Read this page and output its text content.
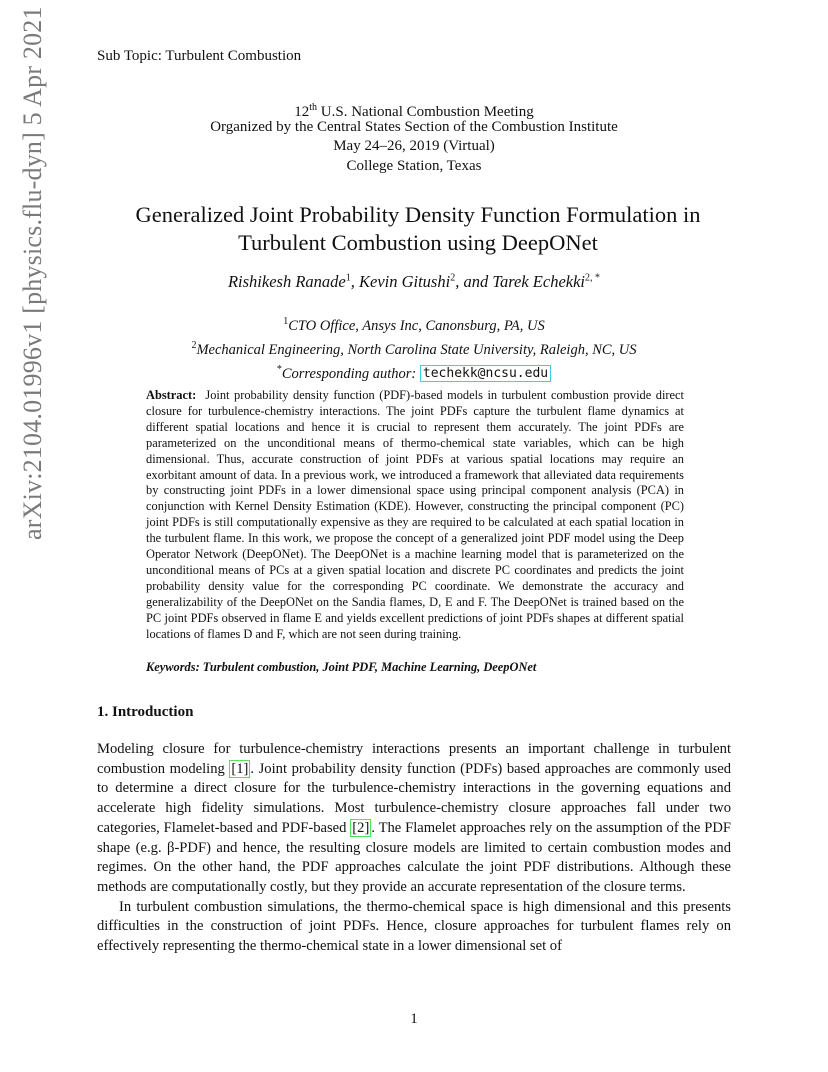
arXiv:2104.01996v1 [physics.flu-dyn] 5 Apr 2021	Sub Topic: Turbulent Combustion
12th U.S. National Combustion Meeting
Organized by the Central States Section of the Combustion Institute
May 24–26, 2019 (Virtual)
College Station, Texas
Generalized Joint Probability Density Function Formulation in
Turbulent Combustion using DeepONet
Rishikesh Ranade$^1$, Kevin Gitushi$^2$, and Tarek Echekki$^{2, *}$
$^1$CTO Office, Ansys Inc, Canonsburg, PA, US
$^2$Mechanical Engineering, North Carolina State University, Raleigh, NC, US
*Corresponding author: techekk@ncsu.edu
Abstract: Joint probability density function (PDF)-based models in turbulent combustion provide direct closure for turbulence-chemistry interactions. The joint PDFs capture the turbulent flame dynamics at different spatial locations and hence it is crucial to represent them accurately. The joint PDFs are parameterized on the unconditional means of thermo-chemical state variables, which can be high dimensional. Thus, accurate construction of joint PDFs at various spatial locations may require an exorbitant amount of data. In a previous work, we introduced a framework that alleviated data requirements by constructing joint PDFs in a lower dimensional space using principal component analysis (PCA) in conjunction with Kernel Density Estimation (KDE). However, constructing the principal component (PC) joint PDFs is still computationally expensive as they are required to be calculated at each spatial location in the turbulent flame. In this work, we propose the concept of a generalized joint PDF model using the Deep Operator Network (DeepONet). The DeepONet is a machine learning model that is parameterized on the unconditional means of PCs at a given spatial location and discrete PC coordinates and predicts the joint probability density value for the corresponding PC coordinate. We demonstrate the accuracy and generalizability of the DeepONet on the Sandia flames, D, E and F. The DeepONet is trained based on the PC joint PDFs observed in flame E and yields excellent predictions of joint PDFs shapes at different spatial locations of flames D and F, which are not seen during training.
Keywords: Turbulent combustion, Joint PDF, Machine Learning, DeepONet
1. Introduction

Modeling closure for turbulence-chemistry interactions presents an important challenge in turbulent combustion modeling [1] . Joint probability density function (PDFs) based approaches are commonly used to determine a direct closure for the turbulence-chemistry interactions in the governing equations and accelerate high fidelity simulations. Most turbulence-chemistry closure approaches fall under two categories, Flamelet-based and PDF-based [2] . The Flamelet approaches rely on the assumption of the PDF shape (e.g. β-PDF) and hence, the resulting closure models are limited to certain combustion modes and regimes. On the other hand, the PDF approaches calculate the joint PDF distributions. Although these methods are computationally costly, but they provide an accurate representation of the closure terms.

In turbulent combustion simulations, the thermo-chemical space is high dimensional and this presents difficulties in the construction of joint PDFs. Hence, closure approaches for turbulent flames rely on effectively representing the thermo-chemical state in a lower dimensional set of

1
